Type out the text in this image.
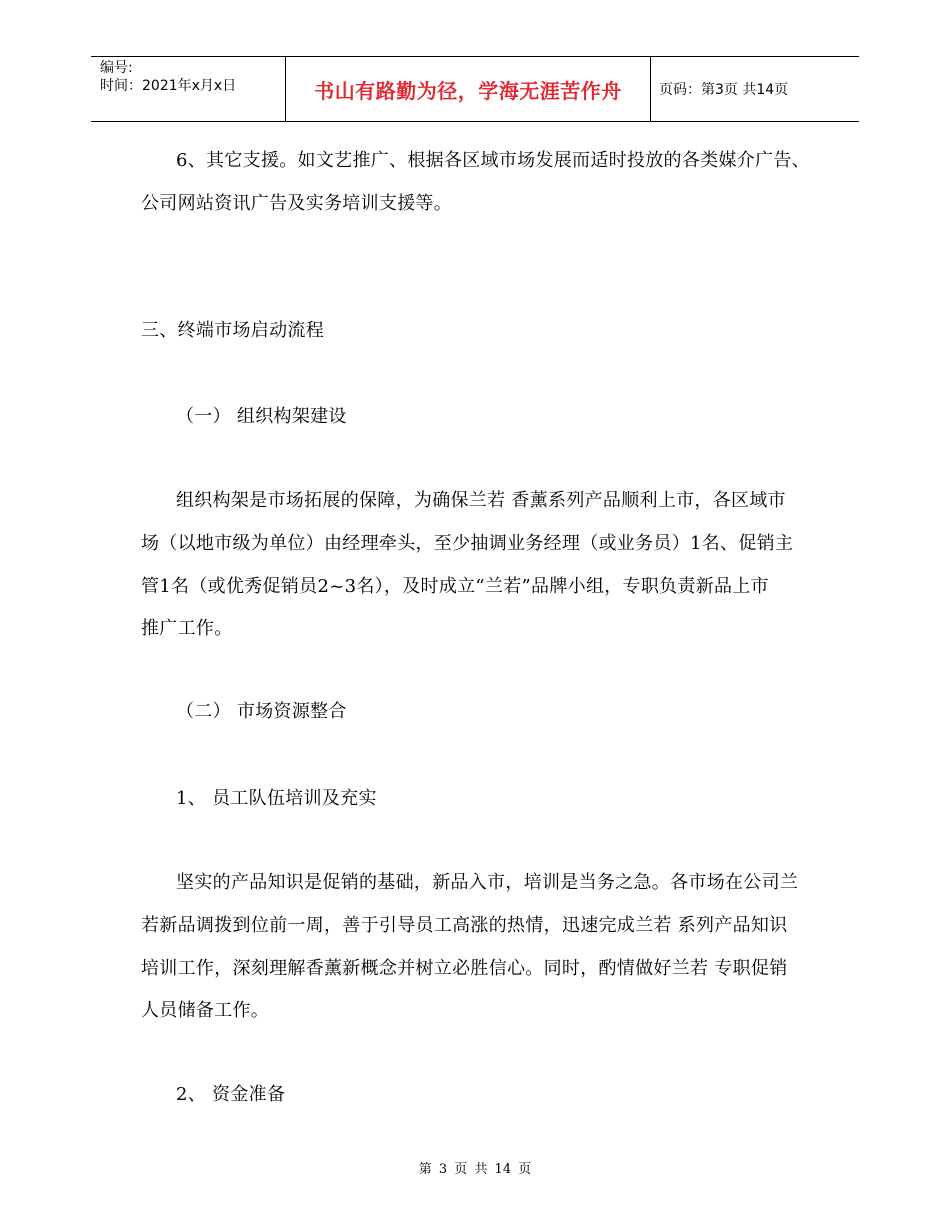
编号:
时间：2021年x月x日	书山有路勤为径，学海无涯苦作舟	页码：第3页 共14页
6、其它支援。如文艺推广、根据各区域市场发展而适时投放的各类媒介广告、
公司网站资讯广告及实务培训支援等。
三、终端市场启动流程
（一） 组织构架建设
组织构架是市场拓展的保障，为确保兰若 香薰系列产品顺利上市，各区域市
场（以地市级为单位）由经理牵头，至少抽调业务经理（或业务员）1名、促销主
管1名（或优秀促销员2~3名），及时成立“兰若”品牌小组，专职负责新品上市
推广工作。
（二） 市场资源整合
1、 员工队伍培训及充实
坚实的产品知识是促销的基础，新品入市，培训是当务之急。各市场在公司兰
若新品调拨到位前一周，善于引导员工高涨的热情，迅速完成兰若 系列产品知识
培训工作，深刻理解香薰新概念并树立必胜信心。同时，酌情做好兰若 专职促销
人员储备工作。
2、 资金准备
第 3 页 共 14 页
